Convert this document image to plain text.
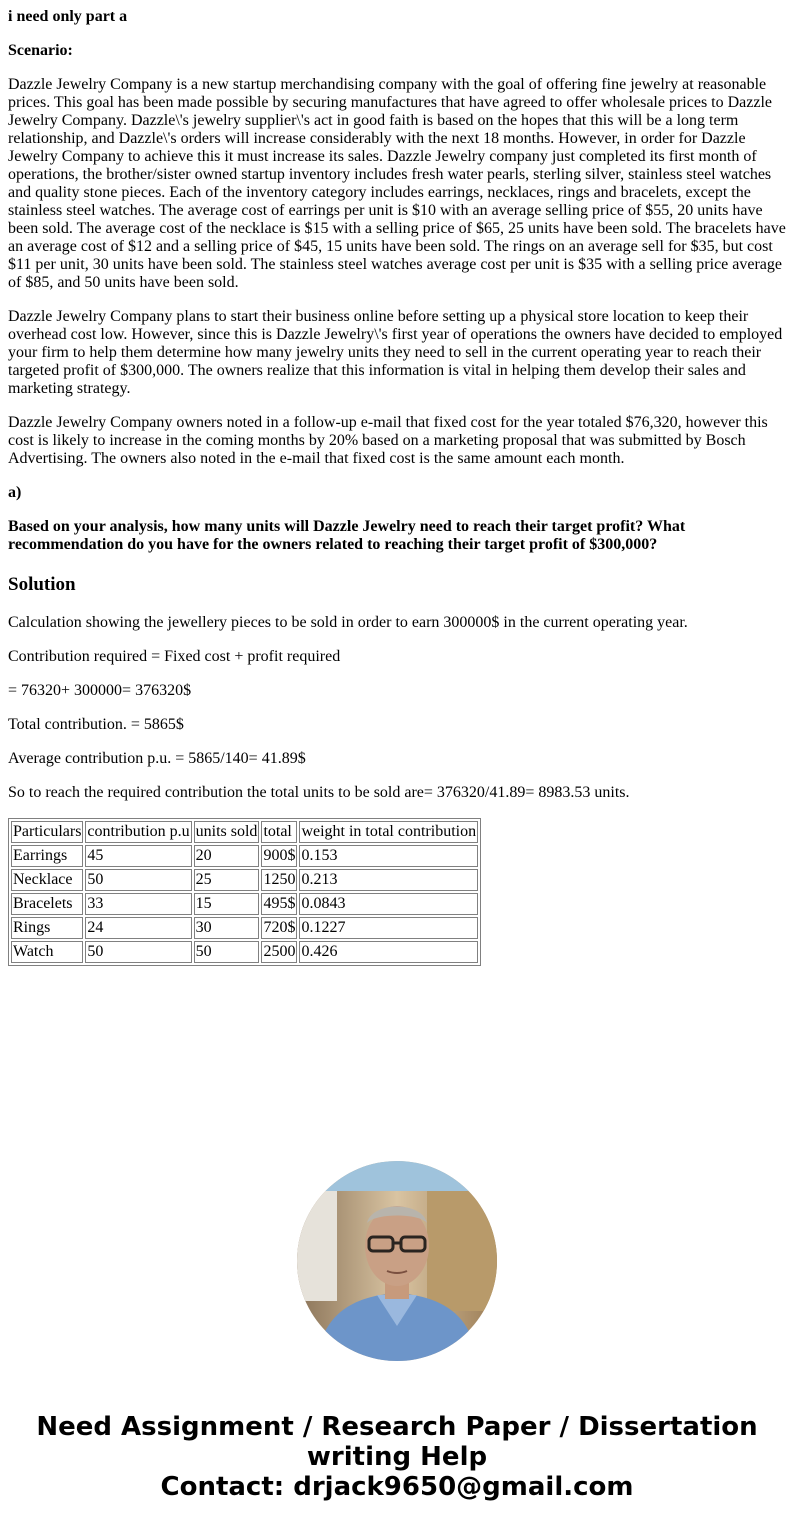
i need only part a

Scenario:

Dazzle Jewelry Company is a new startup merchandising company with the goal of offering fine jewelry at reasonable prices. This goal has been made possible by securing manufactures that have agreed to offer wholesale prices to Dazzle Jewelry Company. Dazzle\'s jewelry supplier\'s act in good faith is based on the hopes that this will be a long term relationship, and Dazzle\'s orders will increase considerably with the next 18 months. However, in order for Dazzle Jewelry Company to achieve this it must increase its sales. Dazzle Jewelry company just completed its first month of operations, the brother/sister owned startup inventory includes fresh water pearls, sterling silver, stainless steel watches and quality stone pieces. Each of the inventory category includes earrings, necklaces, rings and bracelets, except the stainless steel watches. The average cost of earrings per unit is $10 with an average selling price of $55, 20 units have been sold. The average cost of the necklace is $15 with a selling price of $65, 25 units have been sold. The bracelets have an average cost of $12 and a selling price of $45, 15 units have been sold. The rings on an average sell for $35, but cost $11 per unit, 30 units have been sold. The stainless steel watches average cost per unit is $35 with a selling price average of $85, and 50 units have been sold.

Dazzle Jewelry Company plans to start their business online before setting up a physical store location to keep their overhead cost low. However, since this is Dazzle Jewelry\'s first year of operations the owners have decided to employed your firm to help them determine how many jewelry units they need to sell in the current operating year to reach their targeted profit of $300,000. The owners realize that this information is vital in helping them develop their sales and marketing strategy.

Dazzle Jewelry Company owners noted in a follow-up e-mail that fixed cost for the year totaled $76,320, however this cost is likely to increase in the coming months by 20% based on a marketing proposal that was submitted by Bosch Advertising. The owners also noted in the e-mail that fixed cost is the same amount each month.

a)

Based on your analysis, how many units will Dazzle Jewelry need to reach their target profit? What recommendation do you have for the owners related to reaching their target profit of $300,000?

Solution

Calculation showing the jewellery pieces to be sold in order to earn 300000$ in the current operating year.

Contribution required = Fixed cost + profit required

= 76320+ 300000= 376320$

Total contribution. = 5865$

Average contribution p.u. = 5865/140= 41.89$

So to reach the required contribution the total units to be sold are= 376320/41.89= 8983.53 units.

Particulars	contribution p.u	units sold	total	weight in total contribution
Earrings	45	20	900$	0.153
Necklace	50	25	1250	0.213
Bracelets	33	15	495$	0.0843
Rings	24	30	720$	0.1227
Watch	50	50	2500	0.426
Need Assignment / Research Paper / Dissertation
writing Help
Contact: drjack9650@gmail.com
